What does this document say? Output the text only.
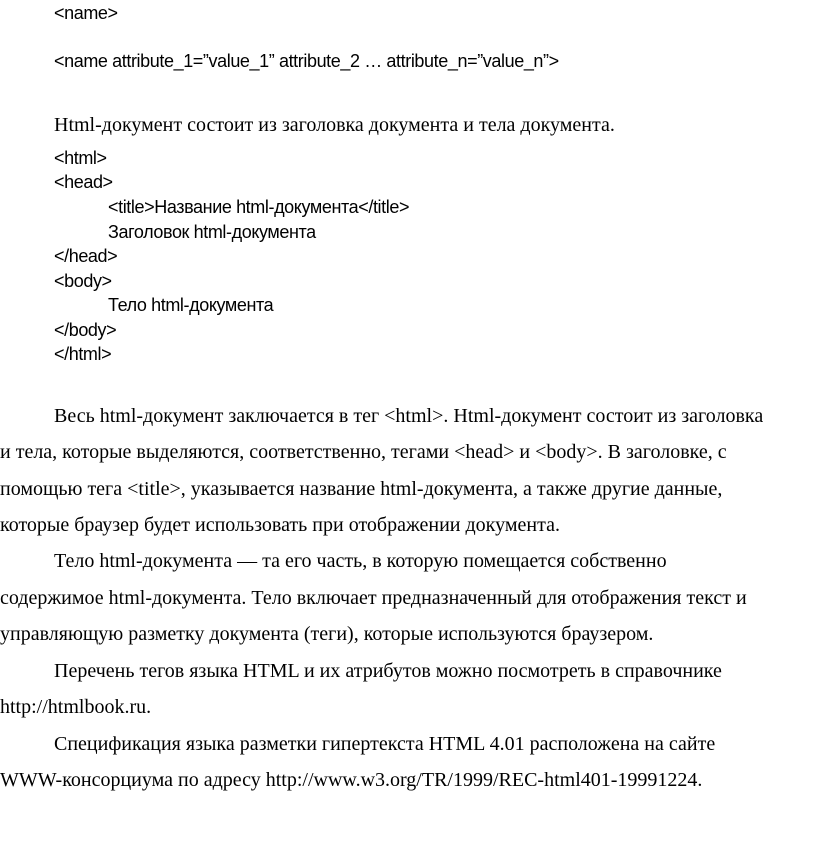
<name>
<name attribute_1=”value_1” attribute_2 … attribute_n=”value_n”>
Html-документ состоит из заголовка документа и тела документа.
<html>
<head>
<title>Название html-документа</title>
Заголовок html-документа
</head>
<body>
Тело html-документа
</body>
</html>
Весь html-документ заключается в тег <html>. Html-документ состоит из заголовка
и тела, которые выделяются, соответственно, тегами <head> и <body>. В заголовке, с
помощью тега <title>, указывается название html-документа, а также другие данные,
которые браузер будет использовать при отображении документа.
Тело html-документа — та его часть, в которую помещается собственно
содержимое html-документа. Тело включает предназначенный для отображения текст и
управляющую разметку документа (теги), которые используются браузером.
Перечень тегов языка HTML и их атрибутов можно посмотреть в справочнике
http://htmlbook.ru.
Спецификация языка разметки гипертекста HTML 4.01 расположена на сайте
WWW-консорциума по адресу http://www.w3.org/TR/1999/REC-html401-19991224.
